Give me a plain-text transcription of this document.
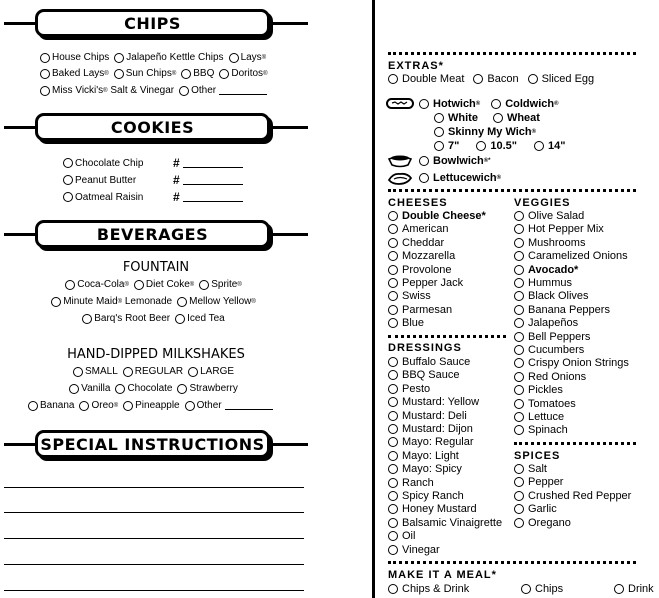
CHIPS
House Chips Jalapeño Kettle Chips Lays ®
Baked Lays ® Sun Chips ® BBQ Doritos ®
Miss Vicki's ®
Salt & Vinegar Other
COOKIES
Chocolate Chip	#
Peanut Butter	#
Oatmeal Raisin	#
BEVERAGES
FOUNTAIN
Coca-Cola ® Diet Coke ® Sprite ®
Minute Maid ®
Lemonade Mellow Yellow ®
Barq's
Root Beer Iced Tea
HAND-DIPPED MILKSHAKES
SMALL REGULAR LARGE
Vanilla Chocolate Strawberry
Banana Oreo ® Pineapple Other
SPECIAL INSTRUCTIONS
EXTRAS*
Double Meat Bacon Sliced Egg
Hotwich ® Coldwich ®
White	Wheat
Skinny My Wich ®
7"	10.5"	14"
Bowlwich ®*
Lettucewich ®
CHEESES
Double Cheese*
American
Cheddar
Mozzarella
Provolone
Pepper Jack
Swiss
Parmesan
Blue
DRESSINGS
Buffalo Sauce
BBQ Sauce
Pesto
Mustard: Yellow
Mustard: Deli
Mustard: Dijon
Mayo: Regular
Mayo: Light
Mayo: Spicy
Ranch
Spicy Ranch
Honey Mustard
Balsamic Vinaigrette
Oil
Vinegar
VEGGIES
Olive Salad
Hot Pepper Mix
Mushrooms
Caramelized Onions
Avocado*
Hummus
Black Olives
Banana Peppers
Jalapeños
Bell Peppers
Cucumbers
Crispy Onion Strings
Red Onions
Pickles
Tomatoes
Lettuce
Spinach
SPICES
Salt
Pepper
Crushed Red Pepper
Garlic
Oregano
MAKE IT A MEAL*
Chips & Drink	Chips	Drink
